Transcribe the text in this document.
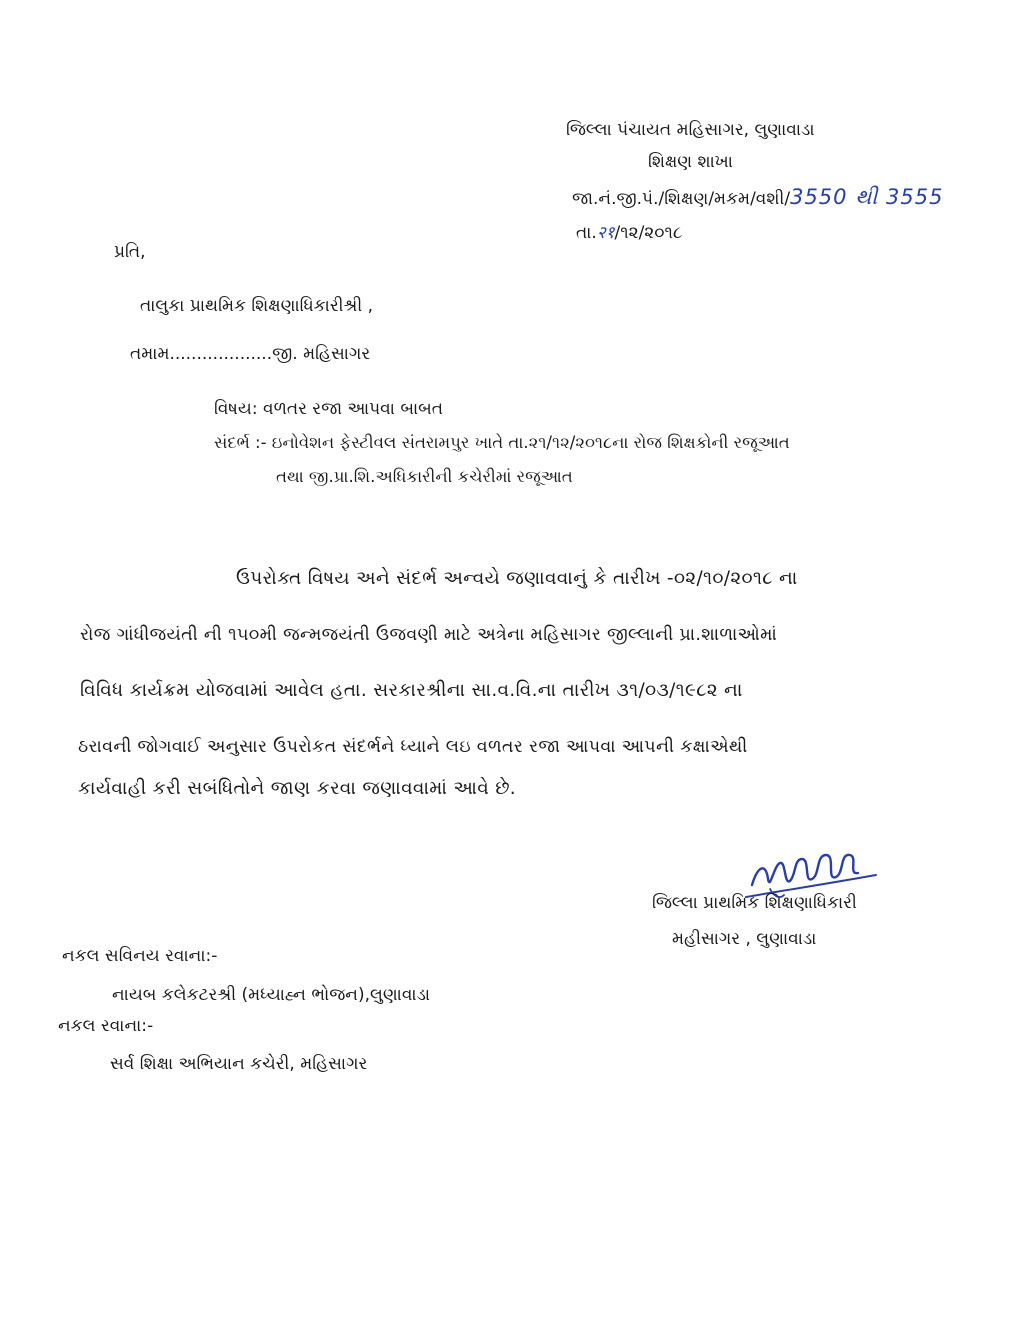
જિલ્લા પંચાયત મહિસાગર, લુણાવાડા
શિક્ષણ શાખા
જા.નં.જી.પં./શિક્ષણ/મકમ/વશી/3550 થી 3555
તા.२१/૧૨/૨૦૧૮
પ્રતિ,
તાલુકા પ્રાથમિક શિક્ષણાધિકારીશ્રી ,
તમામ...................જી. મહિસાગર
વિષય: વળતર રજા આપવા બાબત
સંદર્ભ :- ઇનોવેશન ફેસ્ટીવલ સંતરામપુર ખાતે તા.૨૧/૧૨/૨૦૧૮ના રોજ શિક્ષકોની રજૂઆત
તથા જી.પ્રા.શિ.અધિકારીની કચેરીમાં રજૂઆત
ઉપરોક્ત વિષય અને સંદર્ભ અન્વયે જણાવવાનું કે તારીખ -૦૨/૧૦/૨૦૧૮ ના
રોજ ગાંધીજયંતી ની ૧૫૦મી જન્મજયંતી ઉજવણી માટે અત્રેના મહિસાગર જીલ્લાની પ્રા.શાળાઓમાં
વિવિધ કાર્યક્રમ યોજવામાં આવેલ હતા. સરકારશ્રીના સા.વ.વિ.ના તારીખ ૩૧/૦૩/૧૯૮૨ ના
ઠરાવની જોગવાઈ અનુસાર ઉપરોકત સંદર્ભને ધ્યાને લઇ વળતર રજા આપવા આપની કક્ષાએથી
કાર્યવાહી કરી સબંધિતોને જાણ કરવા જણાવવામાં આવે છે.
જિલ્લા પ્રાથમિક શિક્ષણાધિકારી
મહીસાગર , લુણાવાડા
નકલ સવિનય રવાના:-
નાયબ કલેકટરશ્રી (મધ્યાહ્ન ભોજન),લુણાવાડા
નકલ રવાના:-
સર્વ શિક્ષા અભિયાન કચેરી, મહિસાગર
